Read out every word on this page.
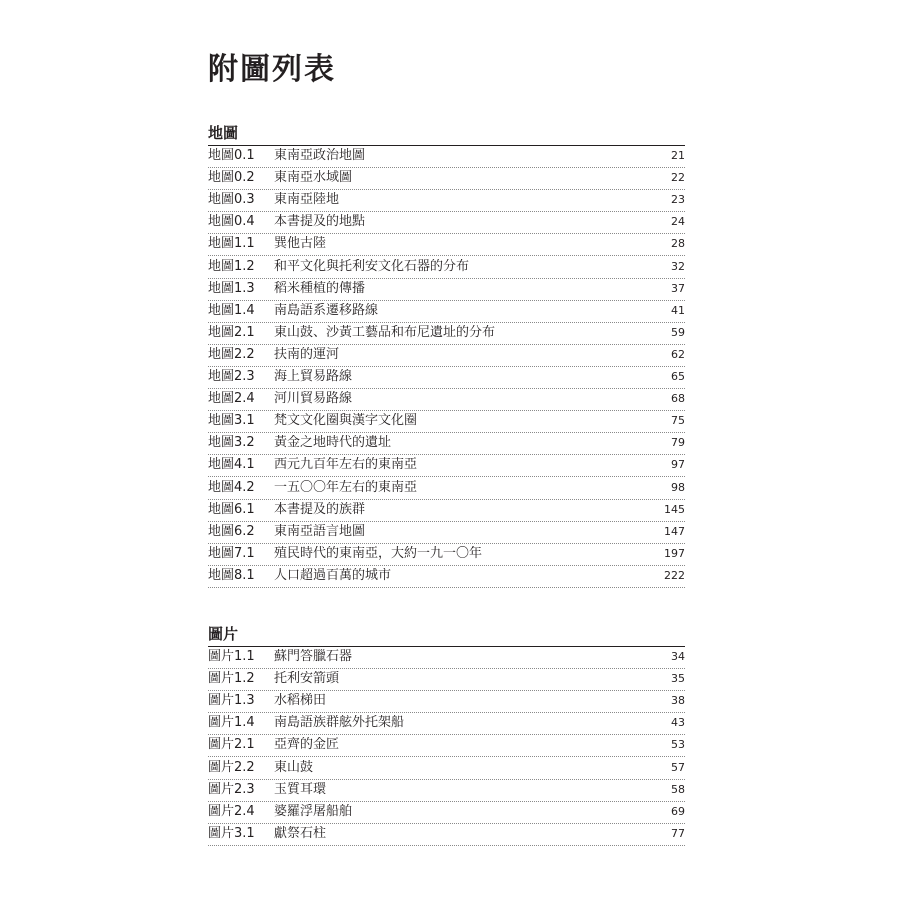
附圖列表
地圖
地圖0.1	東南亞政治地圖	21
地圖0.2	東南亞水域圖	22
地圖0.3	東南亞陸地	23
地圖0.4	本書提及的地點	24
地圖1.1	巽他古陸	28
地圖1.2	和平文化與托利安文化石器的分布	32
地圖1.3	稻米種植的傳播	37
地圖1.4	南島語系遷移路線	41
地圖2.1	東山鼓、沙黃工藝品和布尼遺址的分布	59
地圖2.2	扶南的運河	62
地圖2.3	海上貿易路線	65
地圖2.4	河川貿易路線	68
地圖3.1	梵文文化圈與漢字文化圈	75
地圖3.2	黃金之地時代的遺址	79
地圖4.1	西元九百年左右的東南亞	97
地圖4.2	一五〇〇年左右的東南亞	98
地圖6.1	本書提及的族群	145
地圖6.2	東南亞語言地圖	147
地圖7.1	殖民時代的東南亞，大約一九一〇年	197
地圖8.1	人口超過百萬的城市	222
圖片
圖片1.1	蘇門答臘石器	34
圖片1.2	托利安箭頭	35
圖片1.3	水稻梯田	38
圖片1.4	南島語族群舷外托架船	43
圖片2.1	亞齊的金匠	53
圖片2.2	東山鼓	57
圖片2.3	玉質耳環	58
圖片2.4	婆羅浮屠船舶	69
圖片3.1	獻祭石柱	77
